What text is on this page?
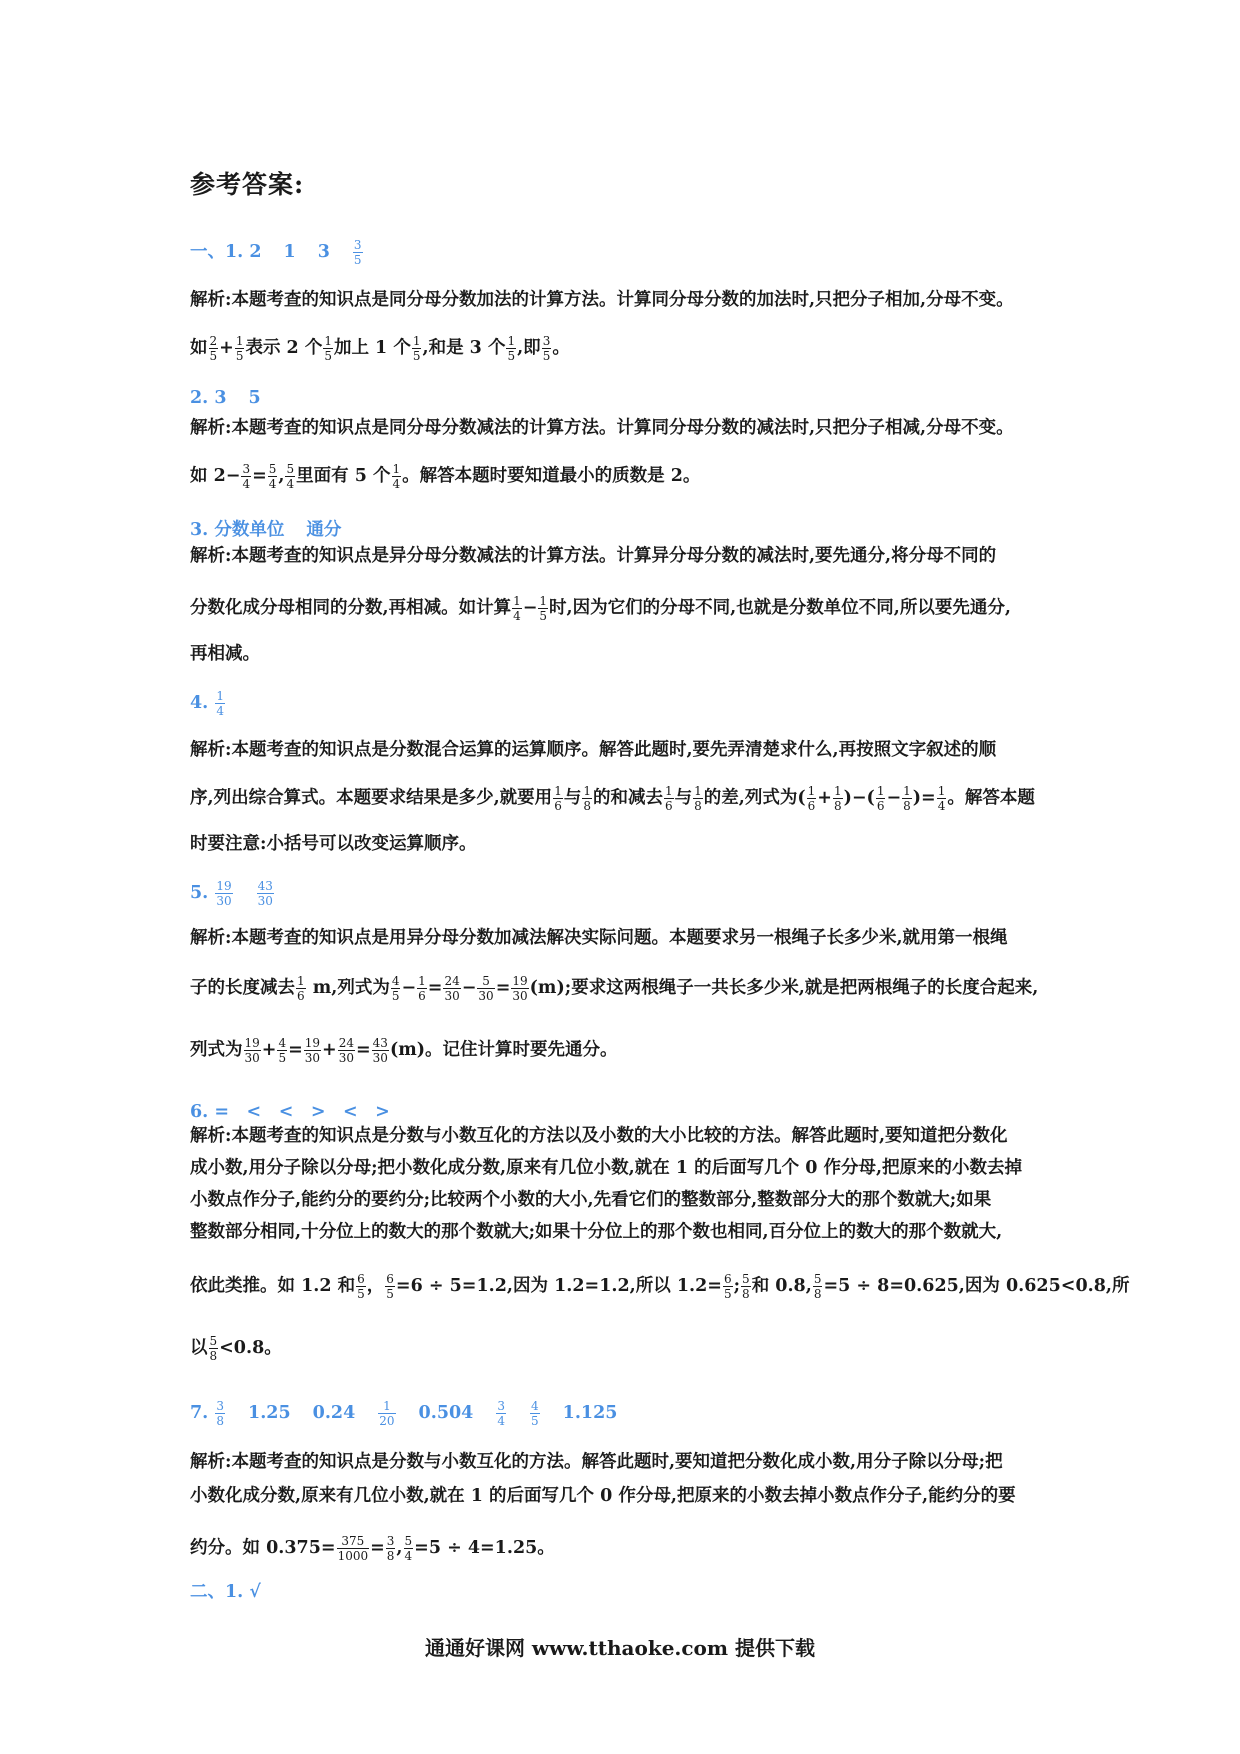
参考答案:
一、1. 2 1 $3 \frac{3}{5}$
解析:本题考查的知识点是同分母分数加法的计算方法。计算同分母分数的加法时,只把分子相加,分母不变。
如 $\frac{2}{5} + \frac{1}{5}$ 表示 2 个 $\frac{1}{5}$ 加上 1 个 $\frac{1}{5}$ ,和是 3 个 $\frac{1}{5}$ ,即 $\frac{3}{5}$ 。
2. 3 5
解析:本题考查的知识点是同分母分数减法的计算方法。计算同分母分数的减法时,只把分子相减,分母不变。
如 $2- \frac{3}{4} = \frac{5}{4}$ , $\frac{5}{4}$ 里面有 5 个 $\frac{1}{4}$ 。解答本题时要知道最小的质数是 2。
3. 分数单位 通分
解析:本题考查的知识点是异分母分数减法的计算方法。计算异分母分数的减法时,要先通分,将分母不同的
分数化成分母相同的分数,再相减。如计算 $\frac{1}{4} - \frac{1}{5}$ 时,因为它们的分母不同,也就是分数单位不同,所以要先通分,
再相减。
4. $\frac{1}{4}$
解析:本题考查的知识点是分数混合运算的运算顺序。解答此题时,要先弄清楚求什么,再按照文字叙述的顺
序,列出综合算式。本题要求结果是多少,就要用 $\frac{1}{6}$ 与 $\frac{1}{8}$ 的和减去 $\frac{1}{6}$ 与 $\frac{1}{8}$ 的差,列式为( $\frac{1}{6} + \frac{1}{8}$ )−( $\frac{1}{6} - \frac{1}{8}$ )= $\frac{1}{4}$ 。解答本题
时要注意:小括号可以改变运算顺序。
5. $\frac{19}{30} \frac{43}{30}$
解析:本题考查的知识点是用异分母分数加减法解决实际问题。本题要求另一根绳子长多少米,就用第一根绳
子的长度减去 $\frac{1}{6} m$,列式为 $\frac{4}{5} - \frac{1}{6} = \frac{24}{30} - \frac{5}{30} = \frac{19}{30} (m)$;要求这两根绳子一共长多少米,就是把两根绳子的长度合起来,
列式为 $\frac{19}{30} + \frac{4}{5} = \frac{19}{30} + \frac{24}{30} = \frac{43}{30} (m)$。记住计算时要先通分。
6. =　<　<　>　<　>
解析:本题考查的知识点是分数与小数互化的方法以及小数的大小比较的方法。解答此题时,要知道把分数化
成小数,用分子除以分母;把小数化成分数,原来有几位小数,就在 1 的后面写几个 0 作分母,把原来的小数去掉
小数点作分子,能约分的要约分;比较两个小数的大小,先看它们的整数部分,整数部分大的那个数就大;如果
整数部分相同,十分位上的数大的那个数就大;如果十分位上的那个数也相同,百分位上的数大的那个数就大,
依此类推。如 1.2 和 $\frac{6}{5}$ ， $\frac{6}{5} =6 \div 5=1.2$,因为 1.2=1.2,所以 $1.2= \frac{6}{5}$ ; $\frac{5}{8}$ 和 0.8, $\frac{5}{8} =5 \div 8=0.625$,因为 0.625<0.8,所
以 $\frac{5}{8} <0.8$。
7. $\frac{3}{8} 1.25$ $0.24 \frac{1}{20} 0.504 \frac{3}{4} \frac{4}{5} 1.125$
解析:本题考查的知识点是分数与小数互化的方法。解答此题时,要知道把分数化成小数,用分子除以分母;把
小数化成分数,原来有几位小数,就在 1 的后面写几个 0 作分母,把原来的小数去掉小数点作分子,能约分的要
约分。如 $0.375= \frac{375}{1000} = \frac{3}{8}$ , $\frac{5}{4} =5 \div 4=1.25$。
二、1. √
通通好课网 www.tthaoke.com 提供下载
